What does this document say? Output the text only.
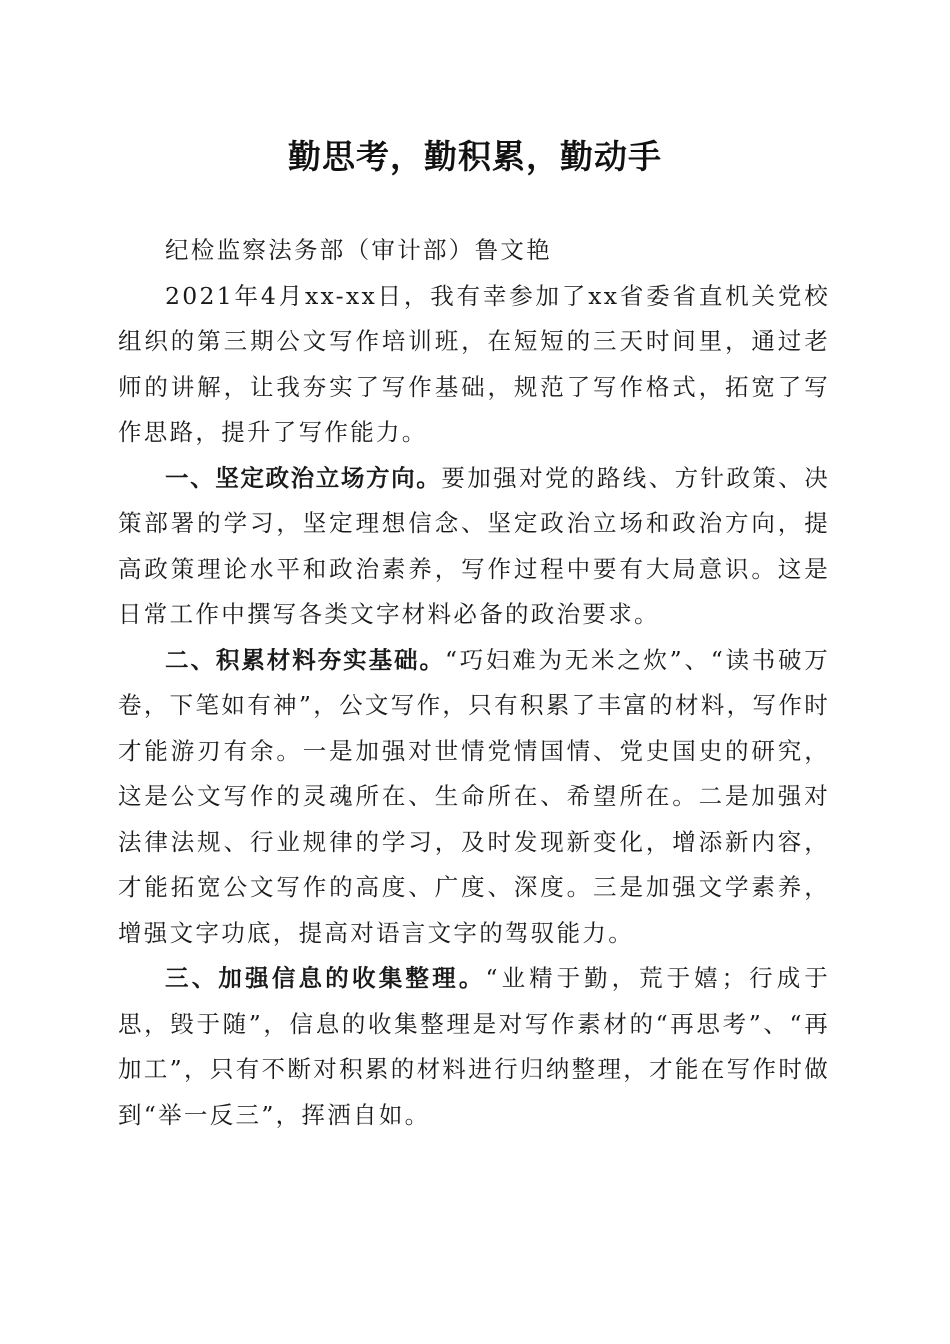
勤思考，勤积累，勤动手

纪检监察法务部（审计部）鲁文艳

2021年4月xx-xx日，我有幸参加了xx省委省直机关党校组织的第三期公文写作培训班，在短短的三天时间里，通过老师的讲解，让我夯实了写作基础，规范了写作格式，拓宽了写作思路，提升了写作能力。

一、坚定政治立场方向。要加强对党的路线、方针政策、决策部署的学习，坚定理想信念、坚定政治立场和政治方向，提高政策理论水平和政治素养，写作过程中要有大局意识。这是日常工作中撰写各类文字材料必备的政治要求。

二、积累材料夯实基础。“巧妇难为无米之炊”、“读书破万卷，下笔如有神”，公文写作，只有积累了丰富的材料，写作时才能游刃有余。一是加强对世情党情国情、党史国史的研究，这是公文写作的灵魂所在、生命所在、希望所在。二是加强对法律法规、行业规律的学习，及时发现新变化，增添新内容，才能拓宽公文写作的高度、广度、深度。三是加强文学素养，增强文字功底，提高对语言文字的驾驭能力。

三、加强信息的收集整理。“业精于勤，荒于嬉；行成于思，毁于随”，信息的收集整理是对写作素材的“再思考”、“再加工”，只有不断对积累的材料进行归纳整理，才能在写作时做到“举一反三”，挥洒自如。
